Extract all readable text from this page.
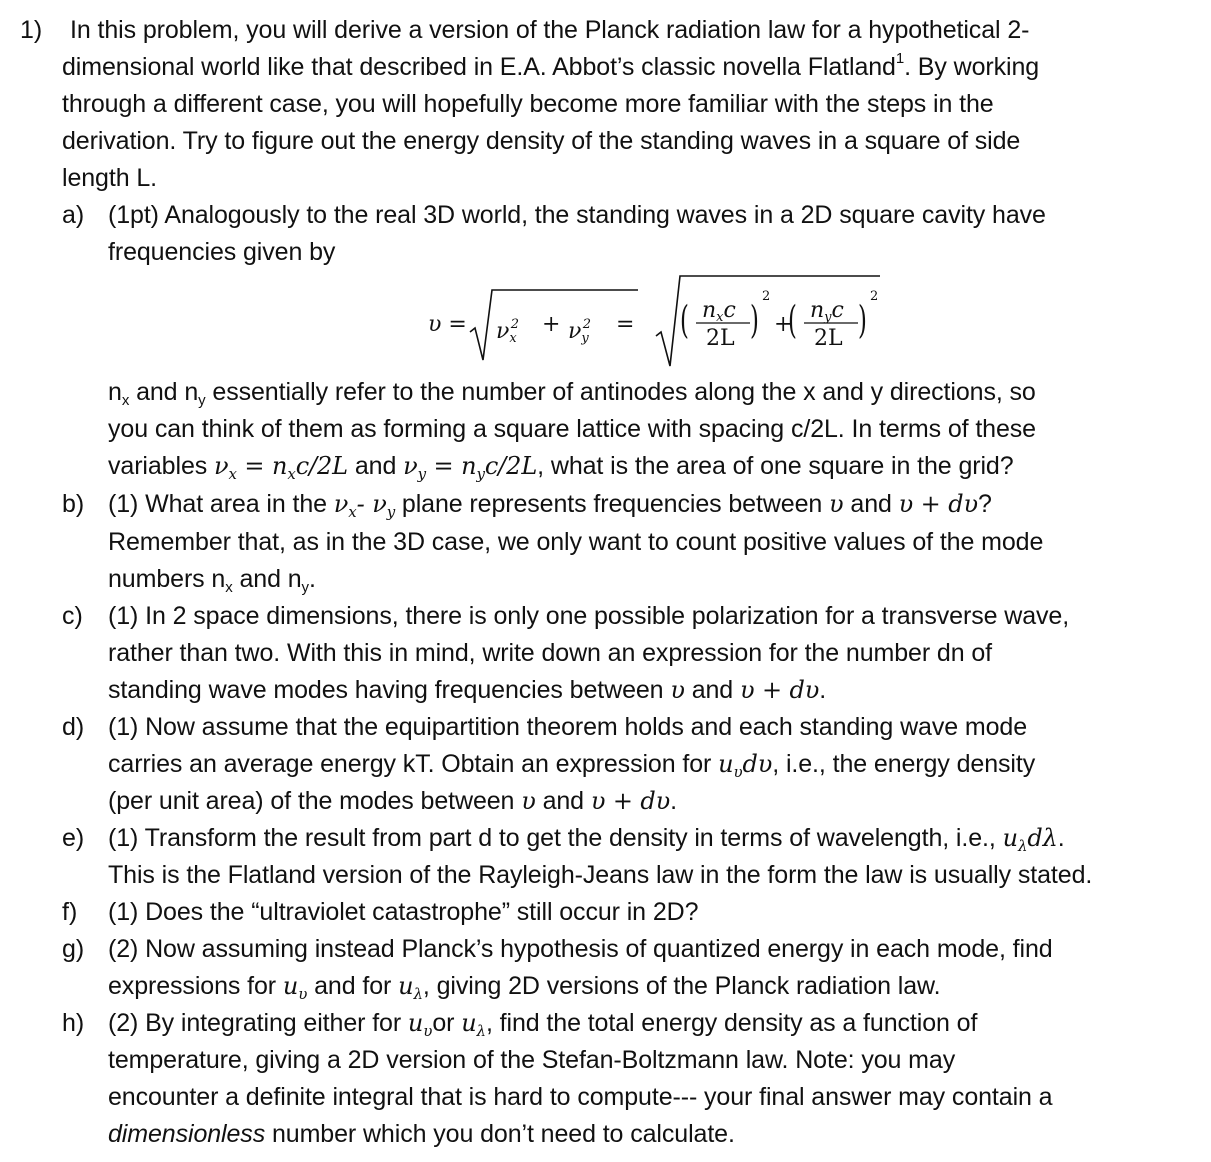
1) In this problem, you will derive a version of the Planck radiation law for a hypothetical 2-
dimensional world like that described in E.A. Abbot’s classic novella Flatland$^1$. By working
through a different case, you will hopefully become more familiar with the steps in the
derivation. Try to figure out the energy density of the standing waves in a square of side
length L.
a) (1pt) Analogously to the real 3D world, the standing waves in a 2D square cavity have
frequencies given by
$\upsilon = \nu x^2 + \nu y^2$ = ( nxc
2L )
2
+
( nyc
2L )
2
$n_x$ and $n_y$ essentially refer to the number of antinodes along the x and y directions, so
you can think of them as forming a square lattice with spacing c/2L. In terms of these
variables $\nu_x = n_xc/2L$ and $\nu_y = n_yc/2L$, what is the area of one square in the grid?
b) (1) What area in the $\nu_x-$ $\nu_y$ plane represents frequencies between υ and υ + dυ?
Remember that, as in the 3D case, we only want to count positive values of the mode
numbers $n_x$ and $n_y$.
c) (1) In 2 space dimensions, there is only one possible polarization for a transverse wave,
rather than two. With this in mind, write down an expression for the number dn of
standing wave modes having frequencies between υ and υ + dυ.
d) (1) Now assume that the equipartition theorem holds and each standing wave mode
carries an average energy kT. Obtain an expression for $u_\upsilon d\upsilon$, i.e., the energy density
(per unit area) of the modes between υ and υ + dυ.
e) (1) Transform the result from part d to get the density in terms of wavelength, i.e., $u_\lambda d\lambda$.
This is the Flatland version of the Rayleigh-Jeans law in the form the law is usually stated.
f) (1) Does the “ultraviolet catastrophe” still occur in 2D?
g) (2) Now assuming instead Planck’s hypothesis of quantized energy in each mode, find
expressions for $u_\upsilon$ and for $u_\lambda$, giving 2D versions of the Planck radiation law.
h) (2) By integrating either for $u_\upsilon or$ $u_\lambda$, find the total energy density as a function of
temperature, giving a 2D version of the Stefan-Boltzmann law. Note: you may
encounter a definite integral that is hard to compute--- your final answer may contain a
dimensionless number which you don’t need to calculate.
